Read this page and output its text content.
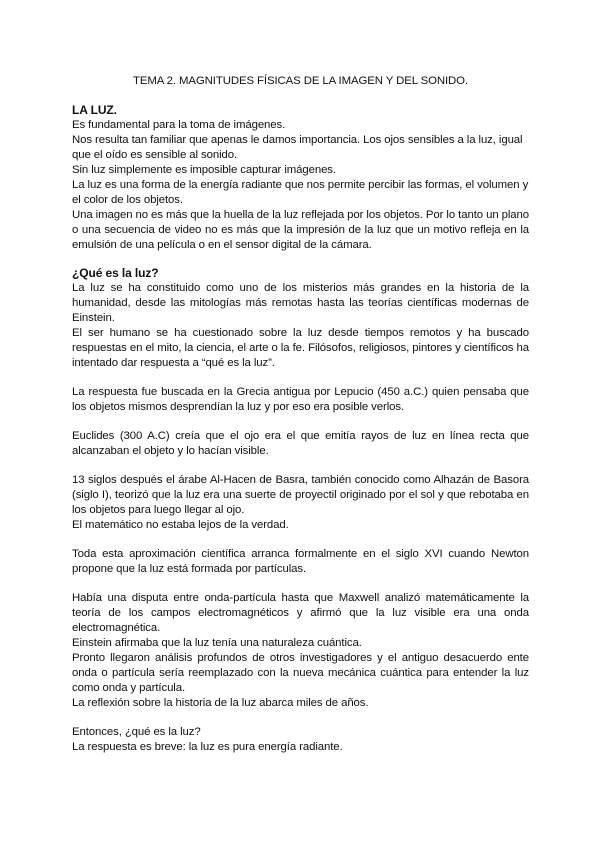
TEMA 2. MAGNITUDES FÍSICAS DE LA IMAGEN Y DEL SONIDO.

LA LUZ.

Es fundamental para la toma de imágenes.

Nos resulta tan familiar que apenas le damos importancia. Los ojos sensibles a la luz, igual que el oído es sensible al sonido.

Sin luz simplemente es imposible capturar imágenes.

La luz es una forma de la energía radiante que nos permite percibir las formas, el volumen y el color de los objetos.

Una imagen no es más que la huella de la luz reflejada por los objetos. Por lo tanto un plano o una secuencia de video no es más que la impresión de la luz que un motivo refleja en la emulsión de una película o en el sensor digital de la cámara.

¿Qué es la luz?

La luz se ha constituido como uno de los misterios más grandes en la historia de la humanidad, desde las mitologías más remotas hasta las teorías científicas modernas de Einstein.

El ser humano se ha cuestionado sobre la luz desde tiempos remotos y ha buscado respuestas en el mito, la ciencia, el arte o la fe. Filósofos, religiosos, pintores y científicos ha intentado dar respuesta a “qué es la luz”.

La respuesta fue buscada en la Grecia antigua por Lepucio (450 a.C.) quien pensaba que los objetos mismos desprendían la luz y por eso era posible verlos.

Euclides (300 A.C) creía que el ojo era el que emitía rayos de luz en línea recta que alcanzaban el objeto y lo hacían visible.

13 siglos después el árabe Al-Hacen de Basra, también conocido como Alhazán de Basora (siglo I), teorizó que la luz era una suerte de proyectil originado por el sol y que rebotaba en los objetos para luego llegar al ojo.

El matemático no estaba lejos de la verdad.

Toda esta aproximación científica arranca formalmente en el siglo XVI cuando Newton propone que la luz está formada por partículas.

Había una disputa entre onda-partícula hasta que Maxwell analizó matemáticamente la teoría de los campos electromagnéticos y afirmó que la luz visible era una onda electromagnética.

Einstein afirmaba que la luz tenía una naturaleza cuántica.

Pronto llegaron análisis profundos de otros investigadores y el antiguo desacuerdo ente onda o partícula sería reemplazado con la nueva mecánica cuántica para entender la luz como onda y partícula.

La reflexión sobre la historia de la luz abarca miles de años.

Entonces, ¿qué es la luz?

La respuesta es breve: la luz es pura energía radiante.
